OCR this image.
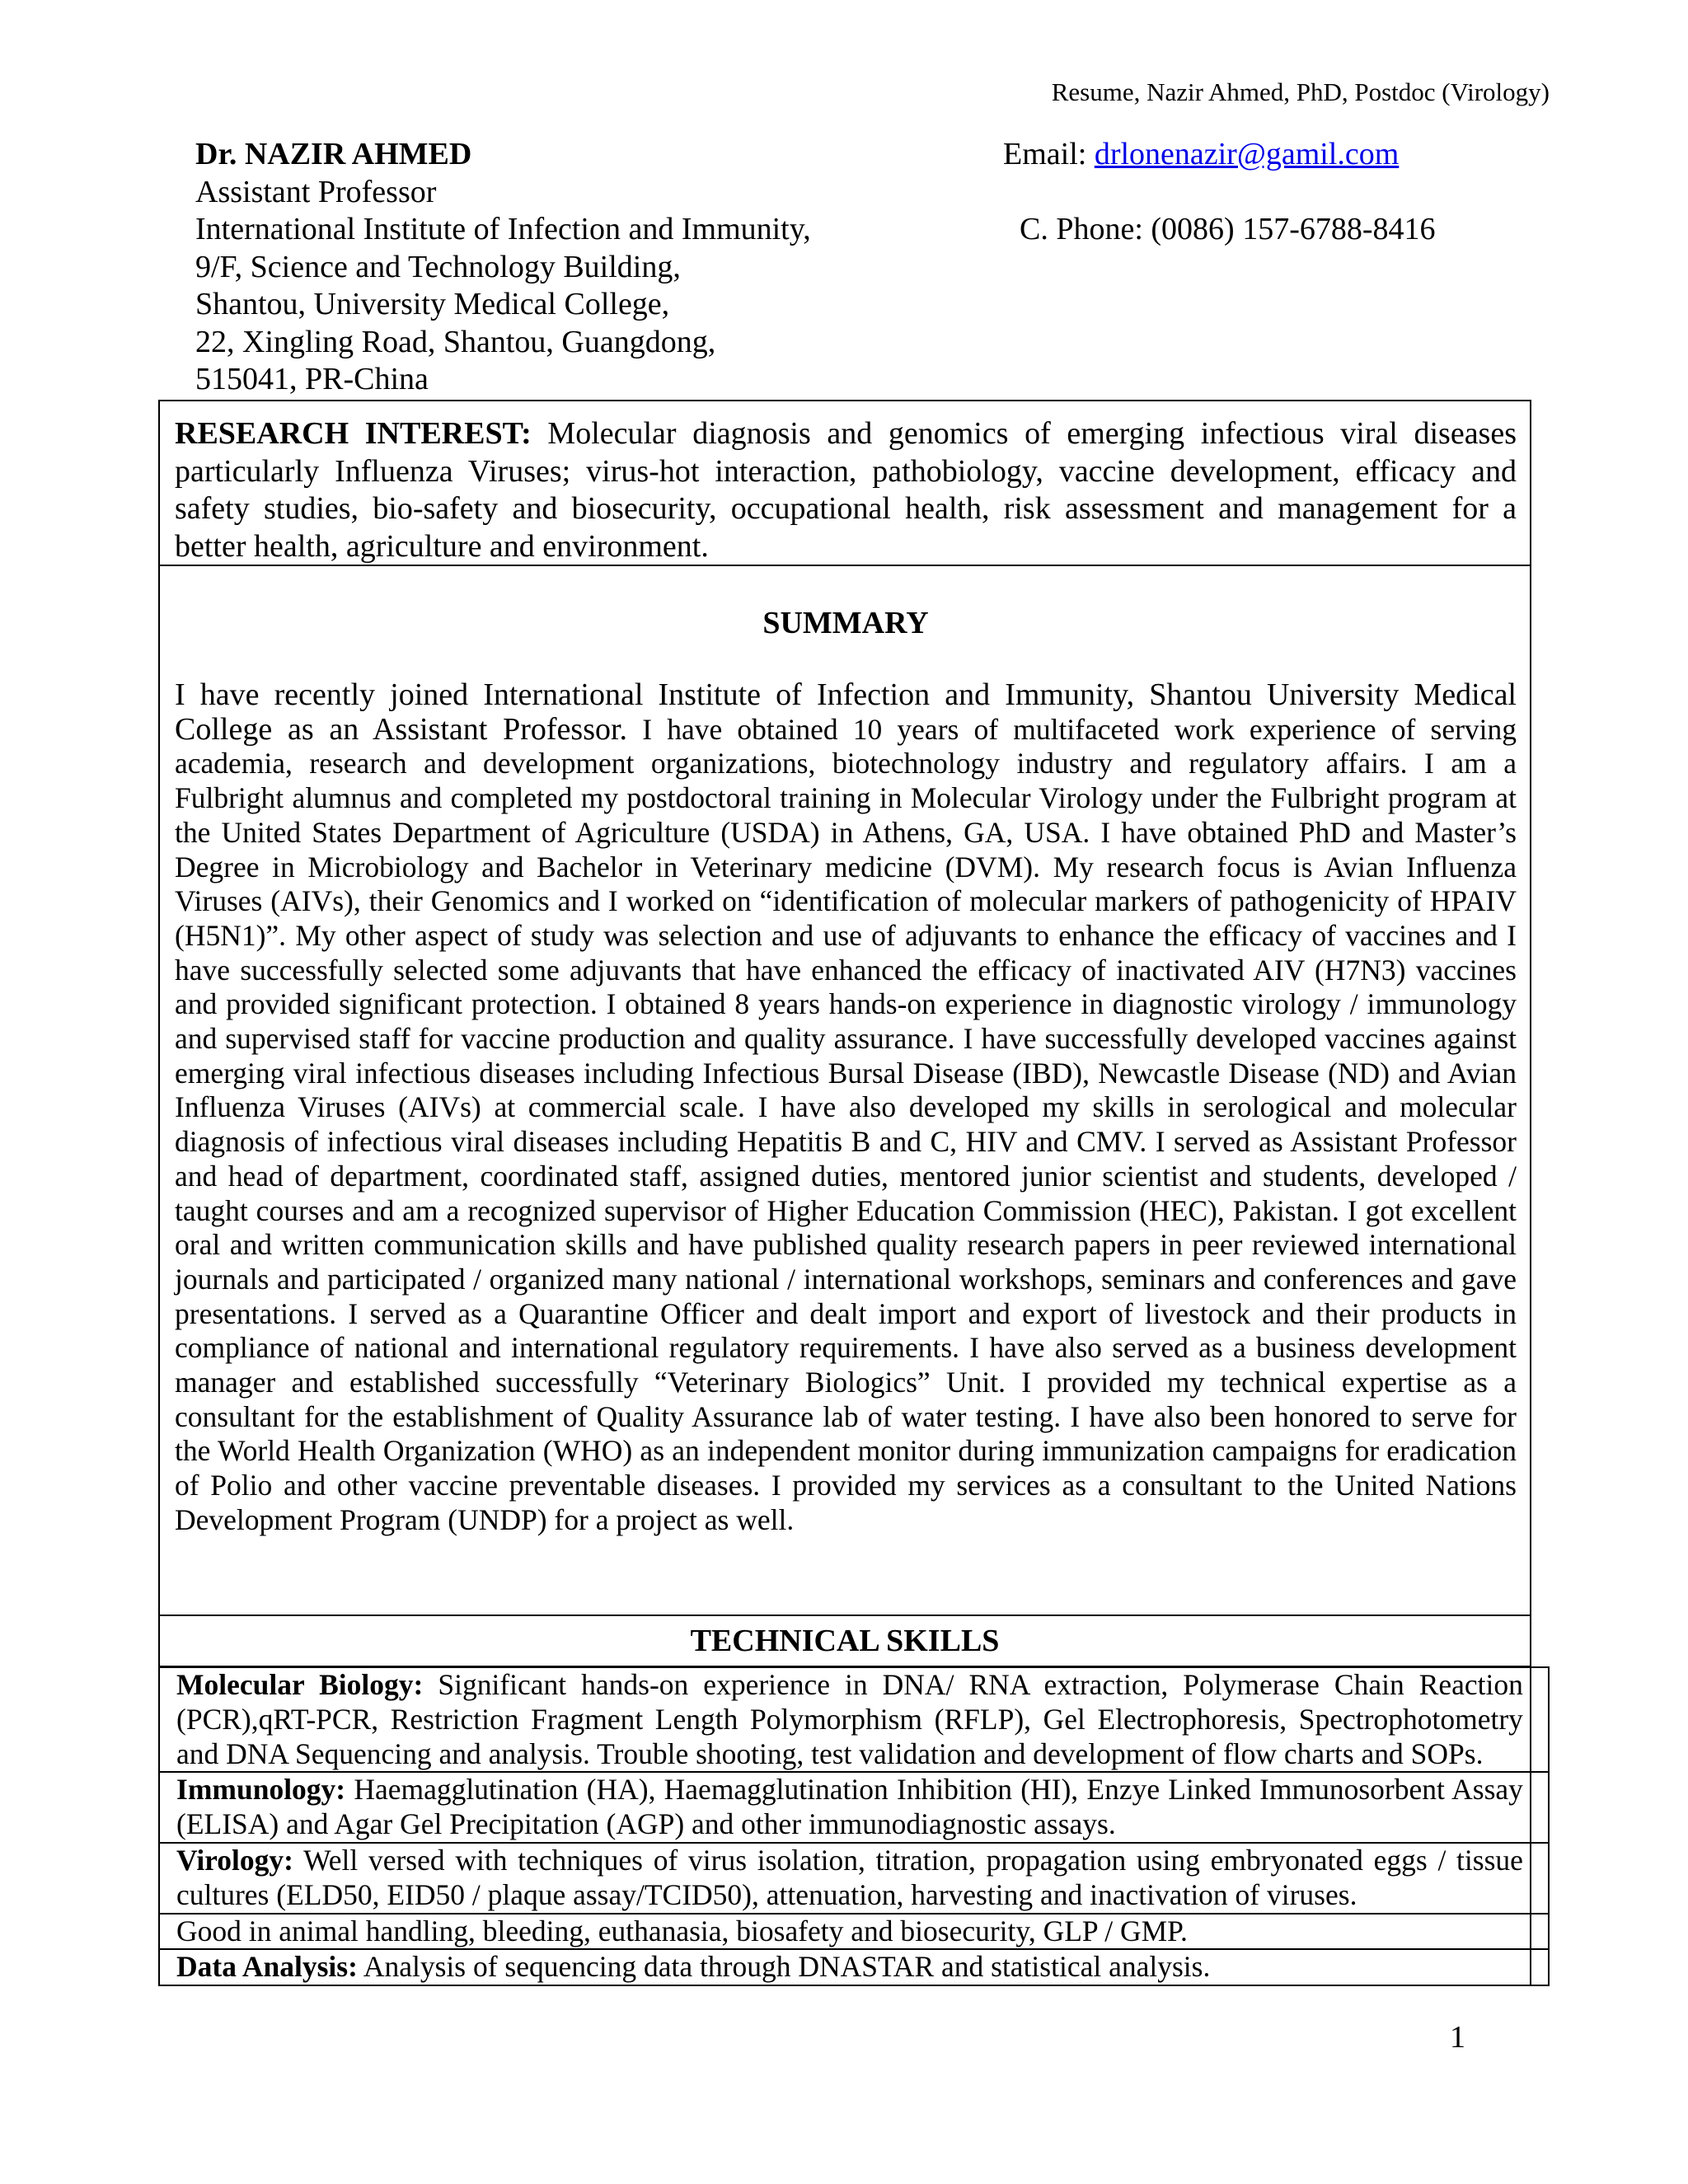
Resume, Nazir Ahmed, PhD, Postdoc (Virology)
Dr. NAZIR AHMED
Assistant Professor
International Institute of Infection and Immunity,
9/F, Science and Technology Building,
Shantou, University Medical College,
22, Xingling Road, Shantou, Guangdong,
515041, PR-China
Email: drlonenazir@gamil.com
C. Phone: (0086) 157-6788-8416

RESEARCH INTEREST: Molecular diagnosis and genomics of emerging infectious viral diseases particularly Influenza Viruses; virus-hot interaction, pathobiology, vaccine development, efficacy and safety studies, bio-safety and biosecurity, occupational health, risk assessment and management for a better health, agriculture and environment.

SUMMARY

I have recently joined International Institute of Infection and Immunity, Shantou University Medical College as an Assistant Professor. I have obtained 10 years of multifaceted work experience of serving academia, research and development organizations, biotechnology industry and regulatory affairs. I am a Fulbright alumnus and completed my postdoctoral training in Molecular Virology under the Fulbright program at the United States Department of Agriculture (USDA) in Athens, GA, USA. I have obtained PhD and Master’s Degree in Microbiology and Bachelor in Veterinary medicine (DVM). My research focus is Avian Influenza Viruses (AIVs), their Genomics and I worked on “identification of molecular markers of pathogenicity of HPAIV (H5N1)”. My other aspect of study was selection and use of adjuvants to enhance the efficacy of vaccines and I have successfully selected some adjuvants that have enhanced the efficacy of inactivated AIV (H7N3) vaccines and provided significant protection. I obtained 8 years hands-on experience in diagnostic virology / immunology and supervised staff for vaccine production and quality assurance. I have successfully developed vaccines against emerging viral infectious diseases including Infectious Bursal Disease (IBD), Newcastle Disease (ND) and Avian Influenza Viruses (AIVs) at commercial scale. I have also developed my skills in serological and molecular diagnosis of infectious viral diseases including Hepatitis B and C, HIV and CMV. I served as Assistant Professor and head of department, coordinated staff, assigned duties, mentored junior scientist and students, developed / taught courses and am a recognized supervisor of Higher Education Commission (HEC), Pakistan. I got excellent oral and written communication skills and have published quality research papers in peer reviewed international journals and participated / organized many national / international workshops, seminars and conferences and gave presentations. I served as a Quarantine Officer and dealt import and export of livestock and their products in compliance of national and international regulatory requirements. I have also served as a business development manager and established successfully “Veterinary Biologics” Unit. I provided my technical expertise as a consultant for the establishment of Quality Assurance lab of water testing. I have also been honored to serve for the World Health Organization (WHO) as an independent monitor during immunization campaigns for eradication of Polio and other vaccine preventable diseases. I provided my services as a consultant to the United Nations Development Program (UNDP) for a project as well.

TECHNICAL SKILLS
Molecular Biology: Significant hands-on experience in DNA/ RNA extraction, Polymerase Chain Reaction (PCR),qRT-PCR, Restriction Fragment Length Polymorphism (RFLP), Gel Electrophoresis, Spectrophotometry and DNA Sequencing and analysis. Trouble shooting, test validation and development of flow charts and SOPs.	
Immunology: Haemagglutination (HA), Haemagglutination Inhibition (HI), Enzye Linked Immunosorbent Assay (ELISA) and Agar Gel Precipitation (AGP) and other immunodiagnostic assays.	
Virology: Well versed with techniques of virus isolation, titration, propagation using embryonated eggs / tissue cultures (ELD50, EID50 / plaque assay/TCID50), attenuation, harvesting and inactivation of viruses.	
Good in animal handling, bleeding, euthanasia, biosafety and biosecurity, GLP / GMP.	
Data Analysis: Analysis of sequencing data through DNASTAR and statistical analysis.	
1
